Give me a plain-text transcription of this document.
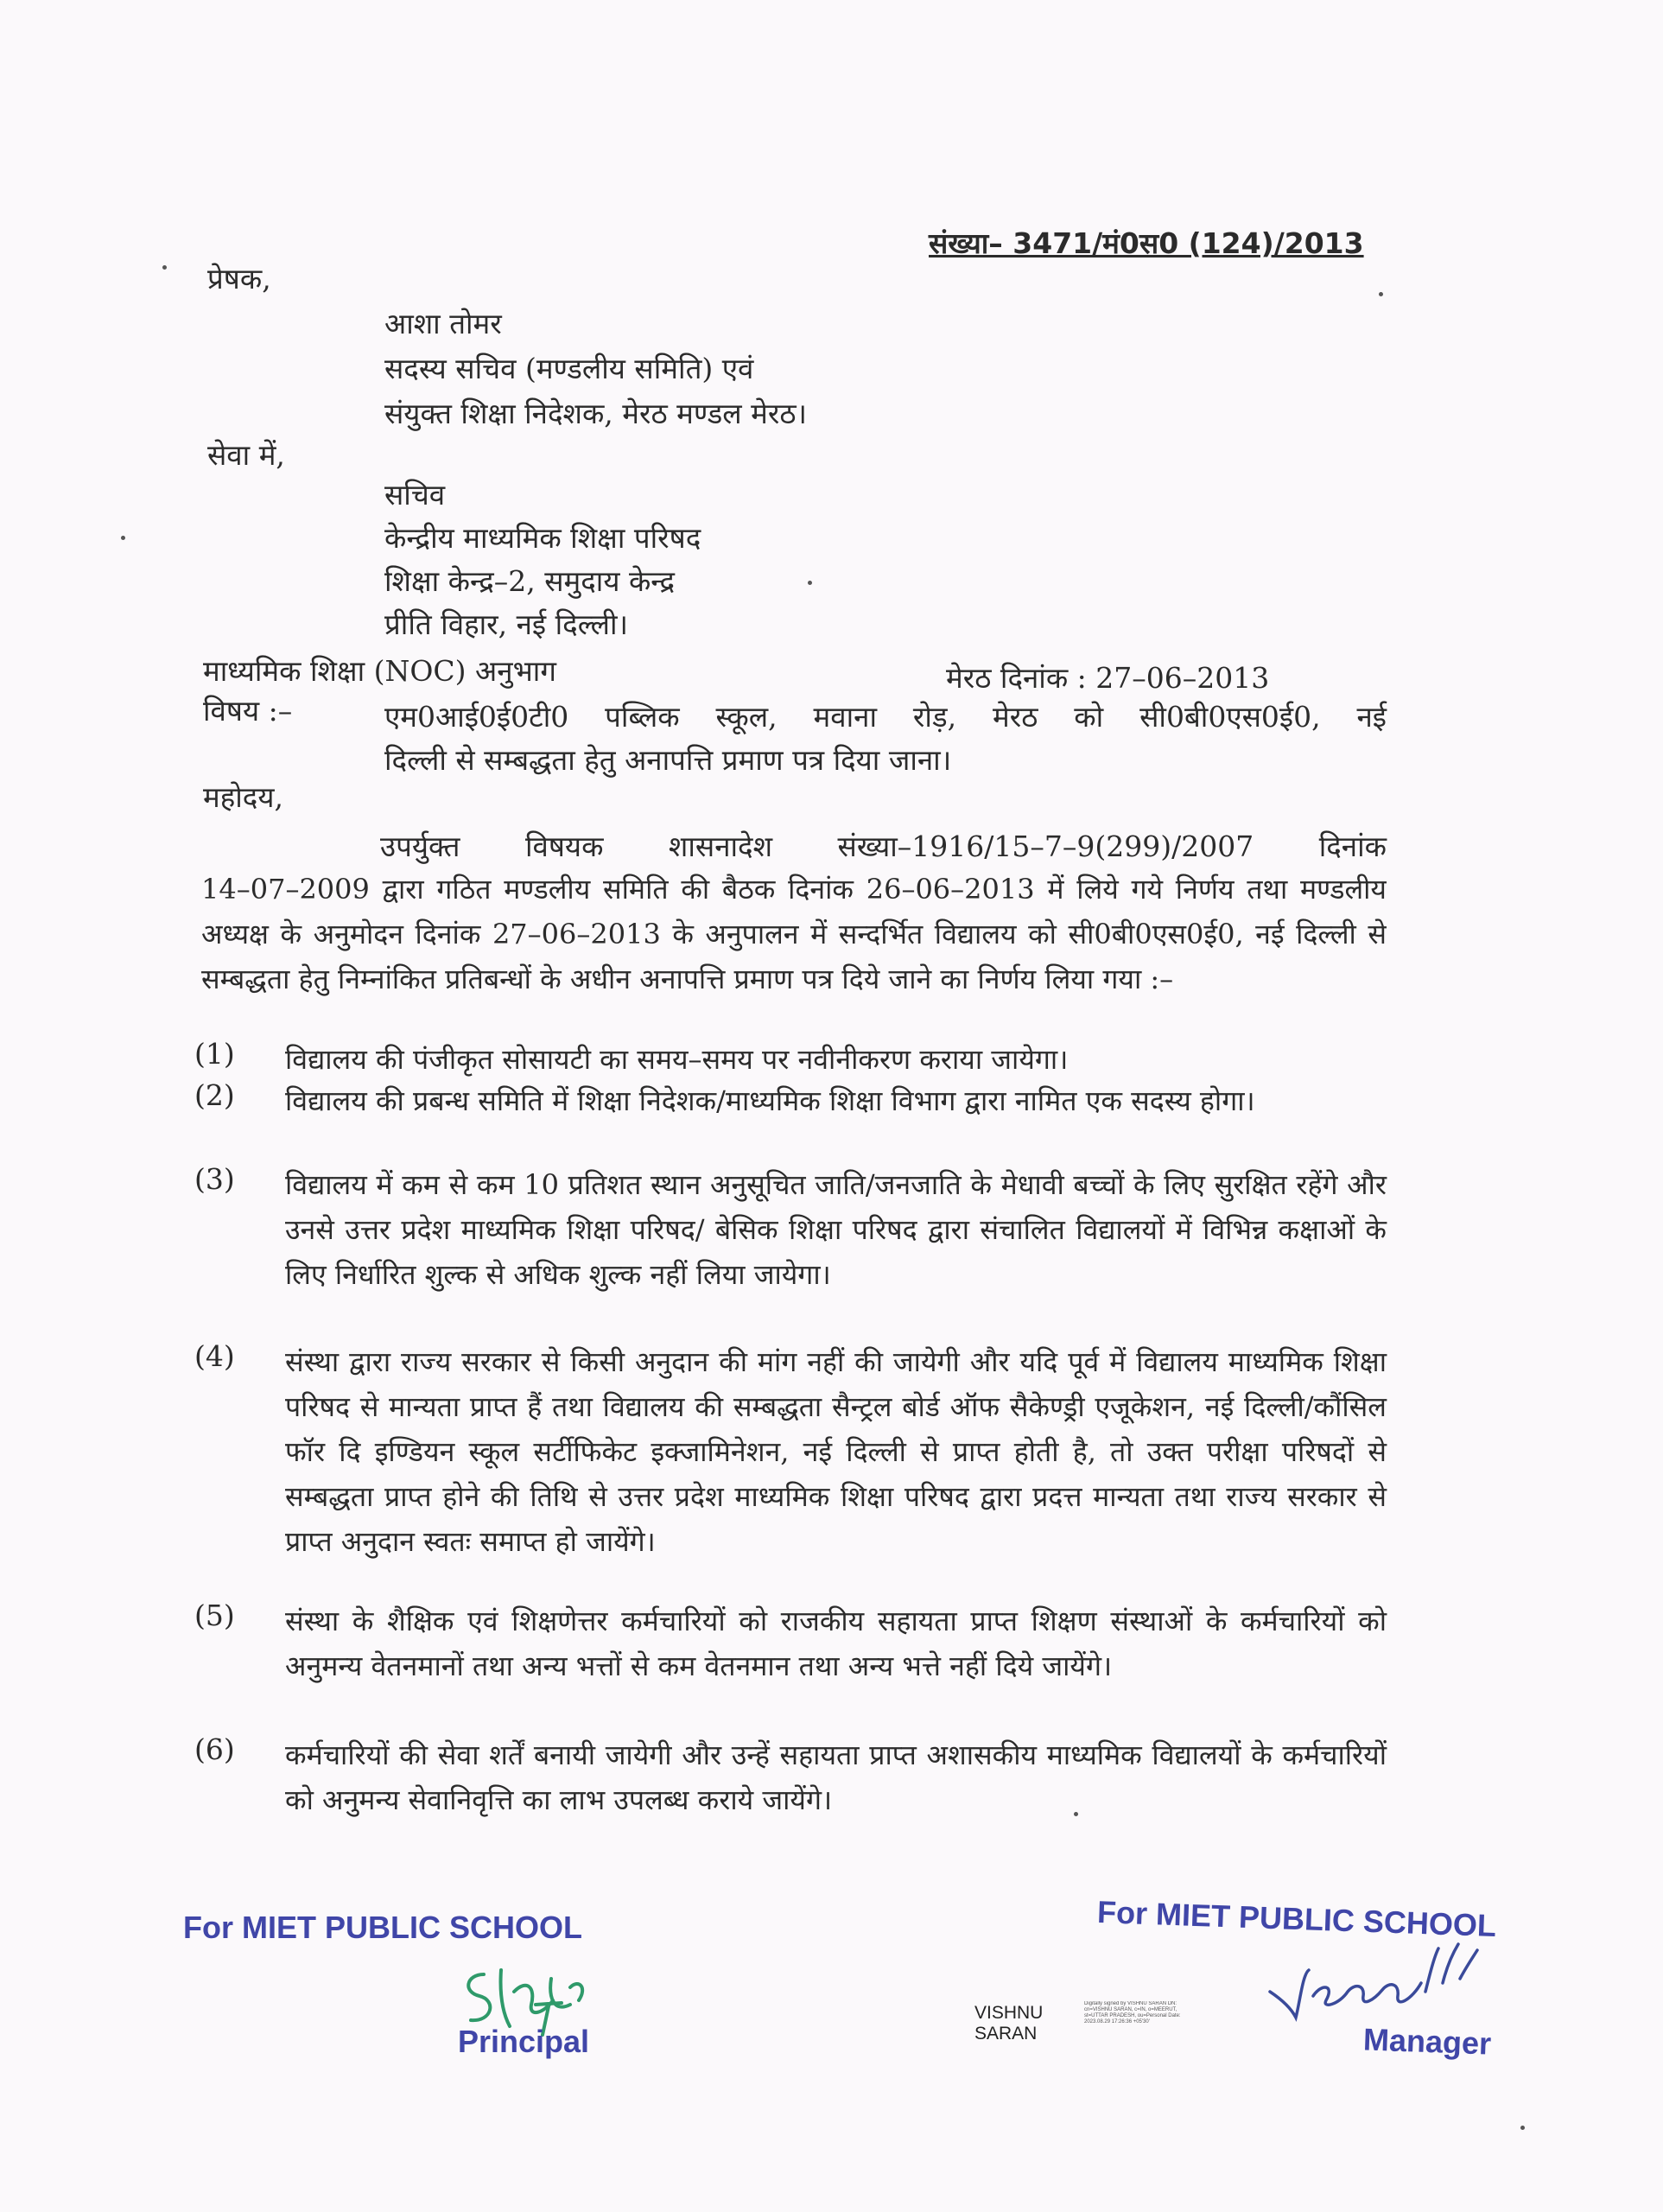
संख्या– 3471/मं0स0 (124)/2013
प्रेषक,
आशा तोमर
सदस्य सचिव (मण्डलीय समिति) एवं
संयुक्त शिक्षा निदेशक, मेरठ मण्डल मेरठ।
सेवा में,
सचिव
केन्द्रीय माध्यमिक शिक्षा परिषद
शिक्षा केन्द्र–2, समुदाय केन्द्र
प्रीति विहार, नई दिल्ली।
माध्यमिक शिक्षा (NOC) अनुभाग	मेरठ दिनांक : 27–06–2013
विषय :–	एम0आई0ई0टी0 पब्लिक स्कूल, मवाना रोड़, मेरठ को सी0बी0एस0ई0, नई
दिल्ली से सम्बद्धता हेतु अनापत्ति प्रमाण पत्र दिया जाना।
महोदय,
उपर्युक्त विषयक शासनादेश संख्या–1916/15–7–9(299)/2007 दिनांक
14–07–2009 द्वारा गठित मण्डलीय समिति की बैठक दिनांक 26–06–2013 में लिये गये निर्णय तथा मण्डलीय अध्यक्ष के अनुमोदन दिनांक 27–06–2013 के अनुपालन में सन्दर्भित विद्यालय को सी0बी0एस0ई0, नई दिल्ली से सम्बद्धता हेतु निम्नांकित प्रतिबन्धों के अधीन अनापत्ति प्रमाण पत्र दिये जाने का निर्णय लिया गया :–
(1) विद्यालय की पंजीकृत सोसायटी का समय–समय पर नवीनीकरण कराया जायेगा।
(2) विद्यालय की प्रबन्ध समिति में शिक्षा निदेशक/माध्यमिक शिक्षा विभाग द्वारा नामित एक सदस्य होगा।
(3) विद्यालय में कम से कम 10 प्रतिशत स्थान अनुसूचित जाति/जनजाति के मेधावी बच्चों के लिए सुरक्षित रहेंगे और उनसे उत्तर प्रदेश माध्यमिक शिक्षा परिषद/ बेसिक शिक्षा परिषद द्वारा संचालित विद्यालयों में विभिन्न कक्षाओं के लिए निर्धारित शुल्क से अधिक शुल्क नहीं लिया जायेगा।
(4) संस्था द्वारा राज्य सरकार से किसी अनुदान की मांग नहीं की जायेगी और यदि पूर्व में विद्यालय माध्यमिक शिक्षा परिषद से मान्यता प्राप्त हैं तथा विद्यालय की सम्बद्धता सैन्ट्रल बोर्ड ऑफ सैकेण्ड्री एजूकेशन, नई दिल्ली/कौंसिल फॉर दि इण्डियन स्कूल सर्टीफिकेट इक्जामिनेशन, नई दिल्ली से प्राप्त होती है, तो उक्त परीक्षा परिषदों से सम्बद्धता प्राप्त होने की तिथि से उत्तर प्रदेश माध्यमिक शिक्षा परिषद द्वारा प्रदत्त मान्यता तथा राज्य सरकार से प्राप्त अनुदान स्वतः समाप्त हो जायेंगे।
(5) संस्था के शैक्षिक एवं शिक्षणेत्तर कर्मचारियों को राजकीय सहायता प्राप्त शिक्षण संस्थाओं के कर्मचारियों को अनुमन्य वेतनमानों तथा अन्य भत्तों से कम वेतनमान तथा अन्य भत्ते नहीं दिये जायेंगे।
(6) कर्मचारियों की सेवा शर्तें बनायी जायेगी और उन्हें सहायता प्राप्त अशासकीय माध्यमिक विद्यालयों के कर्मचारियों को अनुमन्य सेवानिवृत्ति का लाभ उपलब्ध कराये जायेंगे।
For MIET PUBLIC SCHOOL
Principal
VISHNU
SARAN
Digitally signed by VISHNU SARAN DN: cn=VISHNU SARAN, c=IN, o=MEERUT, st=UTTAR PRADESH, ou=Personal Date: 2023.08.29 17:26:36 +05'30'
For MIET PUBLIC SCHOOL
Manager
